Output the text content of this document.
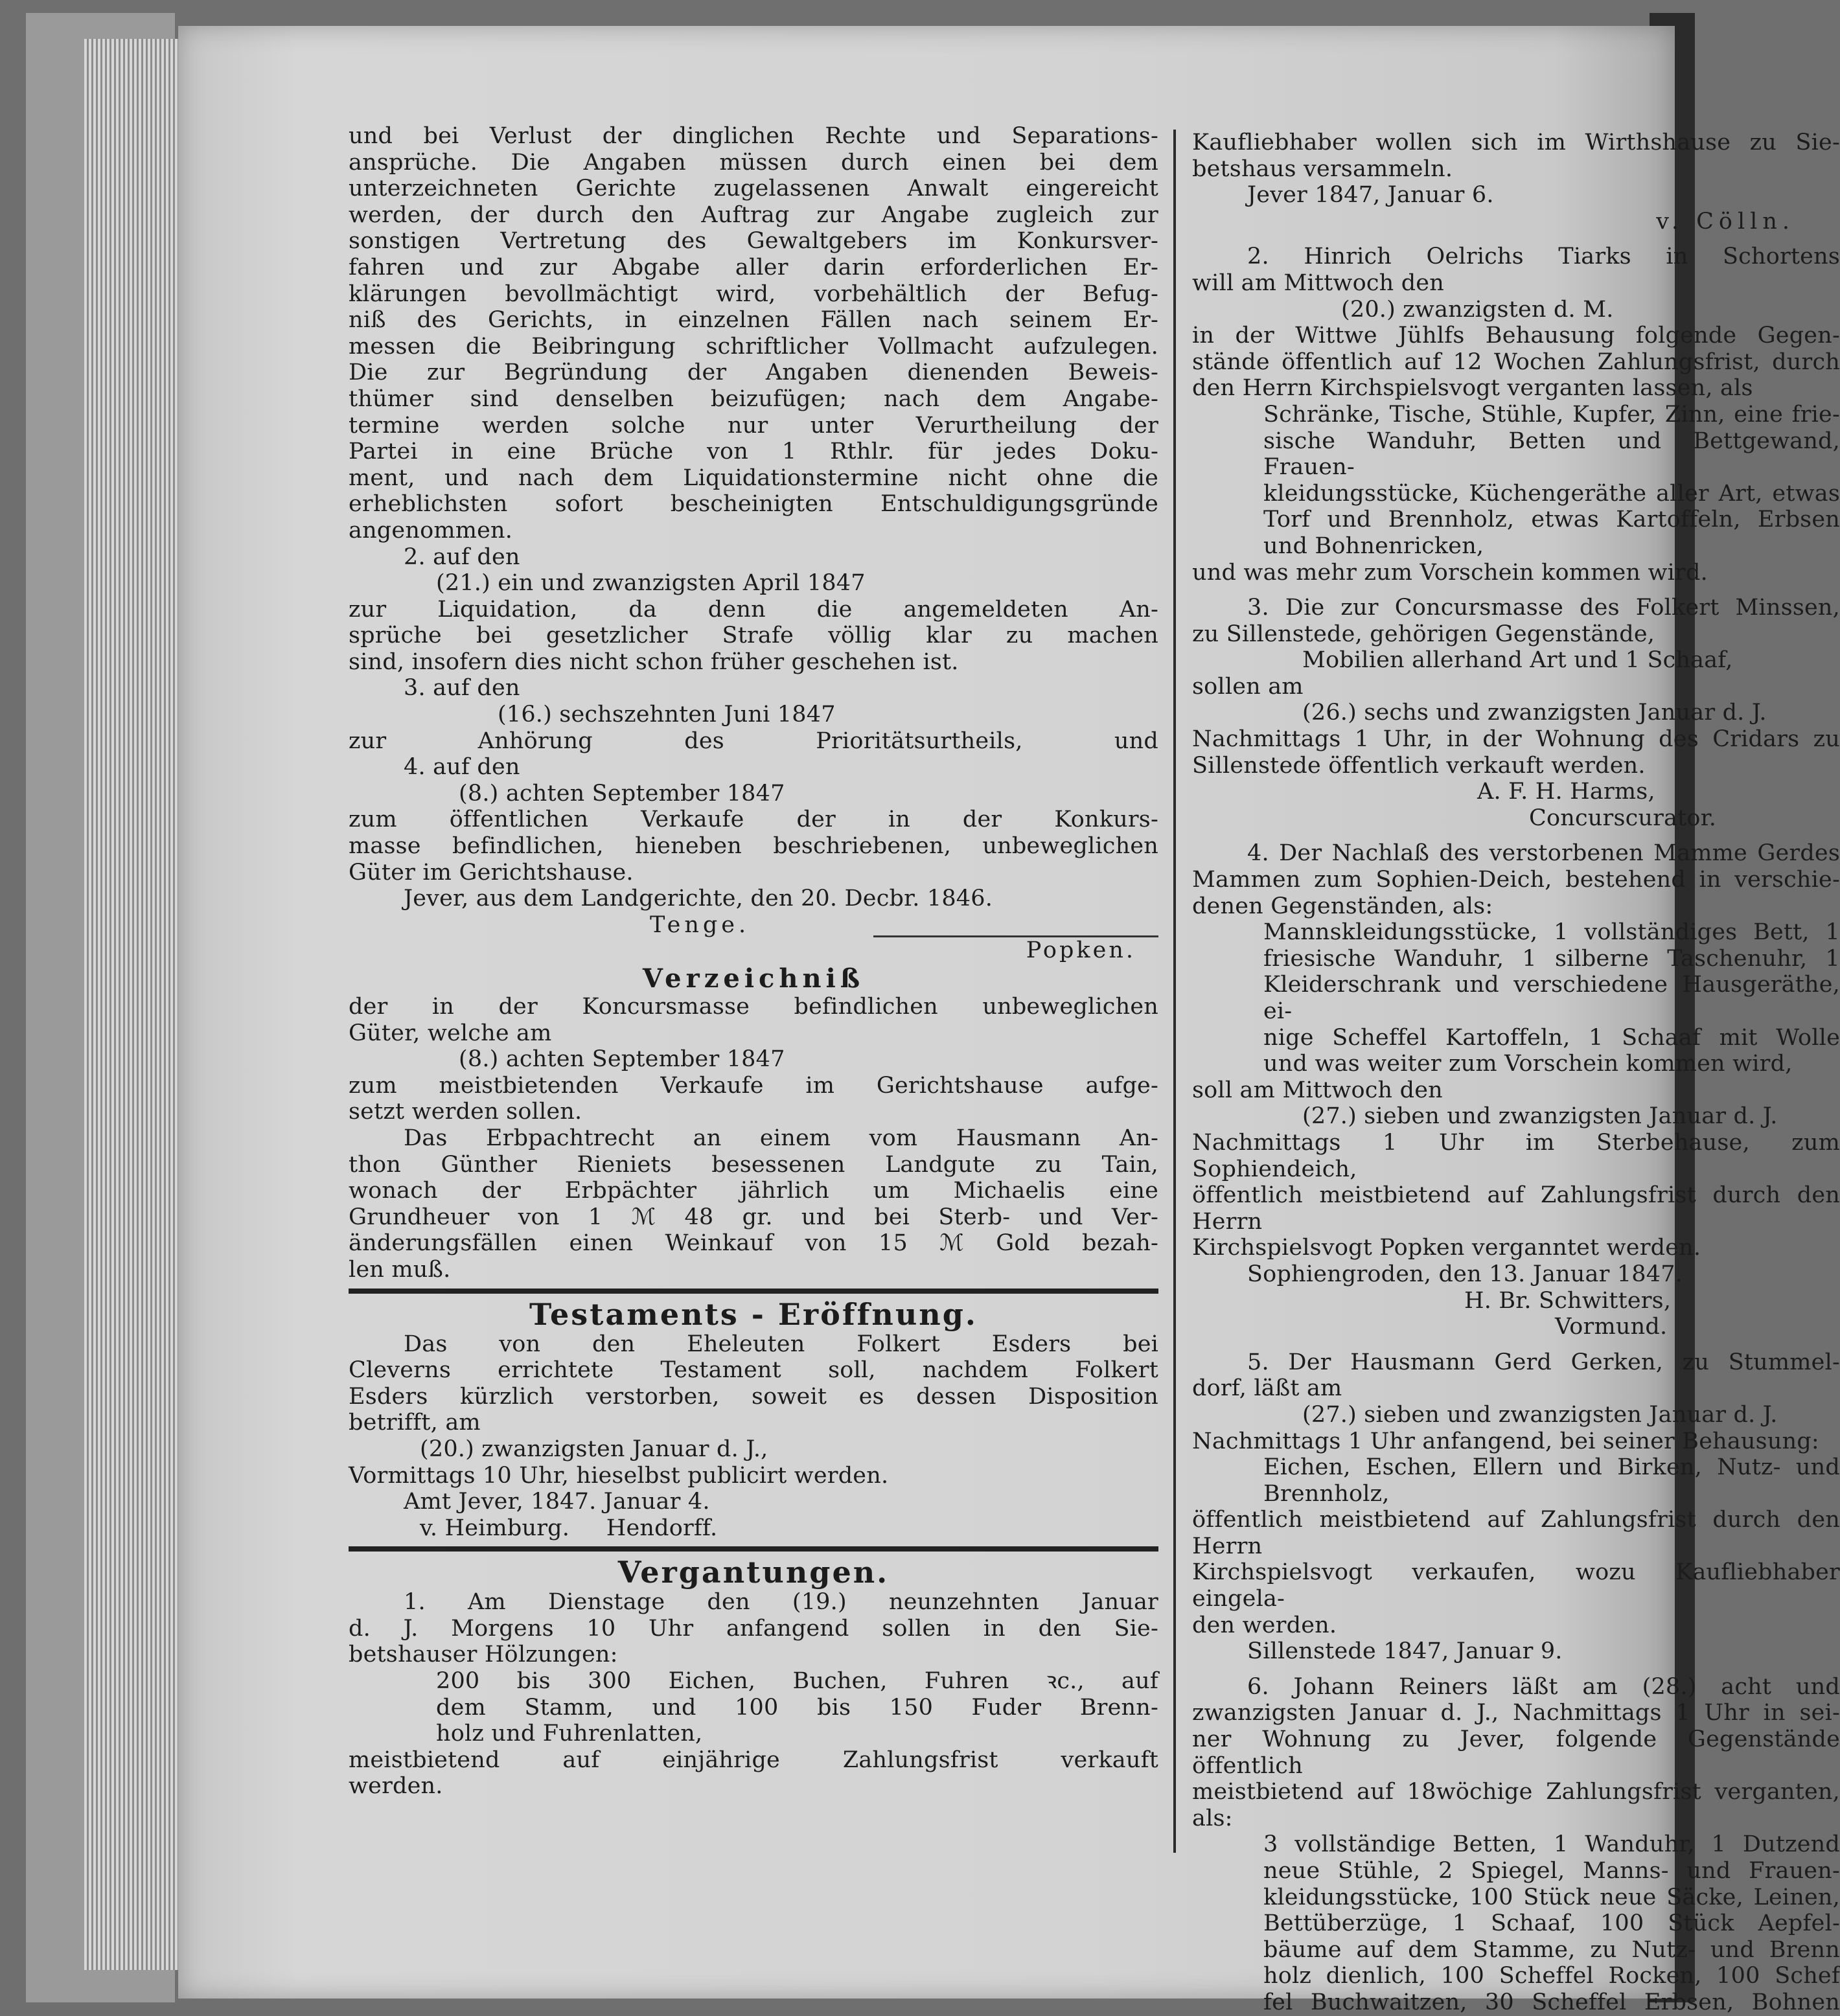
und bei Verlust der dinglichen Rechte und Separations-
ansprüche. Die Angaben müssen durch einen bei dem
unterzeichneten Gerichte zugelassenen Anwalt eingereicht
werden, der durch den Auftrag zur Angabe zugleich zur
sonstigen Vertretung des Gewaltgebers im Konkursver-
fahren und zur Abgabe aller darin erforderlichen Er-
klärungen bevollmächtigt wird, vorbehältlich der Befug-
niß des Gerichts, in einzelnen Fällen nach seinem Er-
messen die Beibringung schriftlicher Vollmacht aufzulegen.
Die zur Begründung der Angaben dienenden Beweis-
thümer sind denselben beizufügen; nach dem Angabe-
termine werden solche nur unter Verurtheilung der
Partei in eine Brüche von 1 Rthlr. für jedes Doku-
ment, und nach dem Liquidationstermine nicht ohne die
erheblichsten sofort bescheinigten Entschuldigungsgründe
angenommen.
2. auf den
(21.) ein und zwanzigsten April 1847
zur Liquidation, da denn die angemeldeten An-
sprüche bei gesetzlicher Strafe völlig klar zu machen
sind, insofern dies nicht schon früher geschehen ist.
3. auf den
(16.) sechszehnten Juni 1847
zur Anhörung des Prioritätsurtheils, und
4. auf den
(8.) achten September 1847
zum öffentlichen Verkaufe der in der Konkurs-
masse befindlichen, hieneben beschriebenen, unbeweglichen
Güter im Gerichtshause.
Jever, aus dem Landgerichte, den 20. Decbr. 1846.
Tenge.
Popken.
Verzeichniß
der in der Koncursmasse befindlichen unbeweglichen
Güter, welche am
(8.) achten September 1847
zum meistbietenden Verkaufe im Gerichtshause aufge-
setzt werden sollen.
Das Erbpachtrecht an einem vom Hausmann An-
thon Günther Rieniets besessenen Landgute zu Tain,
wonach der Erbpächter jährlich um Michaelis eine
Grundheuer von 1 ℳ 48 gr. und bei Sterb- und Ver-
änderungsfällen einen Weinkauf von 15 ℳ Gold bezah-
len muß.
Testaments - Eröffnung.
Das von den Eheleuten Folkert Esders bei
Cleverns errichtete Testament soll, nachdem Folkert
Esders kürzlich verstorben, soweit es dessen Disposition
betrifft, am
(20.) zwanzigsten Januar d. J.,
Vormittags 10 Uhr, hieselbst publicirt werden.
Amt Jever, 1847. Januar 4.
v. Heimburg.     Hendorff.
Vergantungen.
1. Am Dienstage den (19.) neunzehnten Januar
d. J. Morgens 10 Uhr anfangend sollen in den Sie-
betshauser Hölzungen:
200 bis 300 Eichen, Buchen, Fuhren ꝛc., auf
dem Stamm, und 100 bis 150 Fuder Brenn-
holz und Fuhrenlatten,
meistbietend auf einjährige Zahlungsfrist verkauft
werden.
Kaufliebhaber wollen sich im Wirthshause zu Sie-
betshaus versammeln.
Jever 1847, Januar 6.
v. Cölln.
2. Hinrich Oelrichs Tiarks in Schortens
will am Mittwoch den
(20.) zwanzigsten d. M.
in der Wittwe Jühlfs Behausung folgende Gegen-
stände öffentlich auf 12 Wochen Zahlungsfrist, durch
den Herrn Kirchspielsvogt verganten lassen, als
Schränke, Tische, Stühle, Kupfer, Zinn, eine frie-
sische Wanduhr, Betten und Bettgewand, Frauen-
kleidungsstücke, Küchengeräthe aller Art, etwas
Torf und Brennholz, etwas Kartoffeln, Erbsen
und Bohnenricken,
und was mehr zum Vorschein kommen wird.
3. Die zur Concursmasse des Folkert Minssen,
zu Sillenstede, gehörigen Gegenstände,
Mobilien allerhand Art und 1 Schaaf,
sollen am
(26.) sechs und zwanzigsten Januar d. J.
Nachmittags 1 Uhr, in der Wohnung des Cridars zu
Sillenstede öffentlich verkauft werden.
A. F. H. Harms,
Concurscurator.
4. Der Nachlaß des verstorbenen Mamme Gerdes
Mammen zum Sophien-Deich, bestehend in verschie-
denen Gegenständen, als:
Mannskleidungsstücke, 1 vollständiges Bett, 1
friesische Wanduhr, 1 silberne Taschenuhr, 1
Kleiderschrank und verschiedene Hausgeräthe, ei-
nige Scheffel Kartoffeln, 1 Schaaf mit Wolle
und was weiter zum Vorschein kommen wird,
soll am Mittwoch den
(27.) sieben und zwanzigsten Januar d. J.
Nachmittags 1 Uhr im Sterbehause, zum Sophiendeich,
öffentlich meistbietend auf Zahlungsfrist durch den Herrn
Kirchspielsvogt Popken verganntet werden.
Sophiengroden, den 13. Januar 1847.
H. Br. Schwitters,
Vormund.
5. Der Hausmann Gerd Gerken, zu Stummel-
dorf, läßt am
(27.) sieben und zwanzigsten Januar d. J.
Nachmittags 1 Uhr anfangend, bei seiner Behausung:
Eichen, Eschen, Ellern und Birken, Nutz- und
Brennholz,
öffentlich meistbietend auf Zahlungsfrist durch den Herrn
Kirchspielsvogt verkaufen, wozu Kaufliebhaber eingela-
den werden.
Sillenstede 1847, Januar 9.
6. Johann Reiners läßt am (28.) acht und
zwanzigsten Januar d. J., Nachmittags 1 Uhr in sei-
ner Wohnung zu Jever, folgende Gegenstände öffentlich
meistbietend auf 18wöchige Zahlungsfrist verganten, als:
3 vollständige Betten, 1 Wanduhr, 1 Dutzend
neue Stühle, 2 Spiegel, Manns- und Frauen-
kleidungsstücke, 100 Stück neue Säcke, Leinen,
Bettüberzüge, 1 Schaaf, 100 Stück Aepfel-
bäume auf dem Stamme, zu Nutz- und Brenn
holz dienlich, 100 Scheffel Rocken, 100 Schef
fel Buchwaitzen, 30 Scheffel Erbsen, Bohnen
